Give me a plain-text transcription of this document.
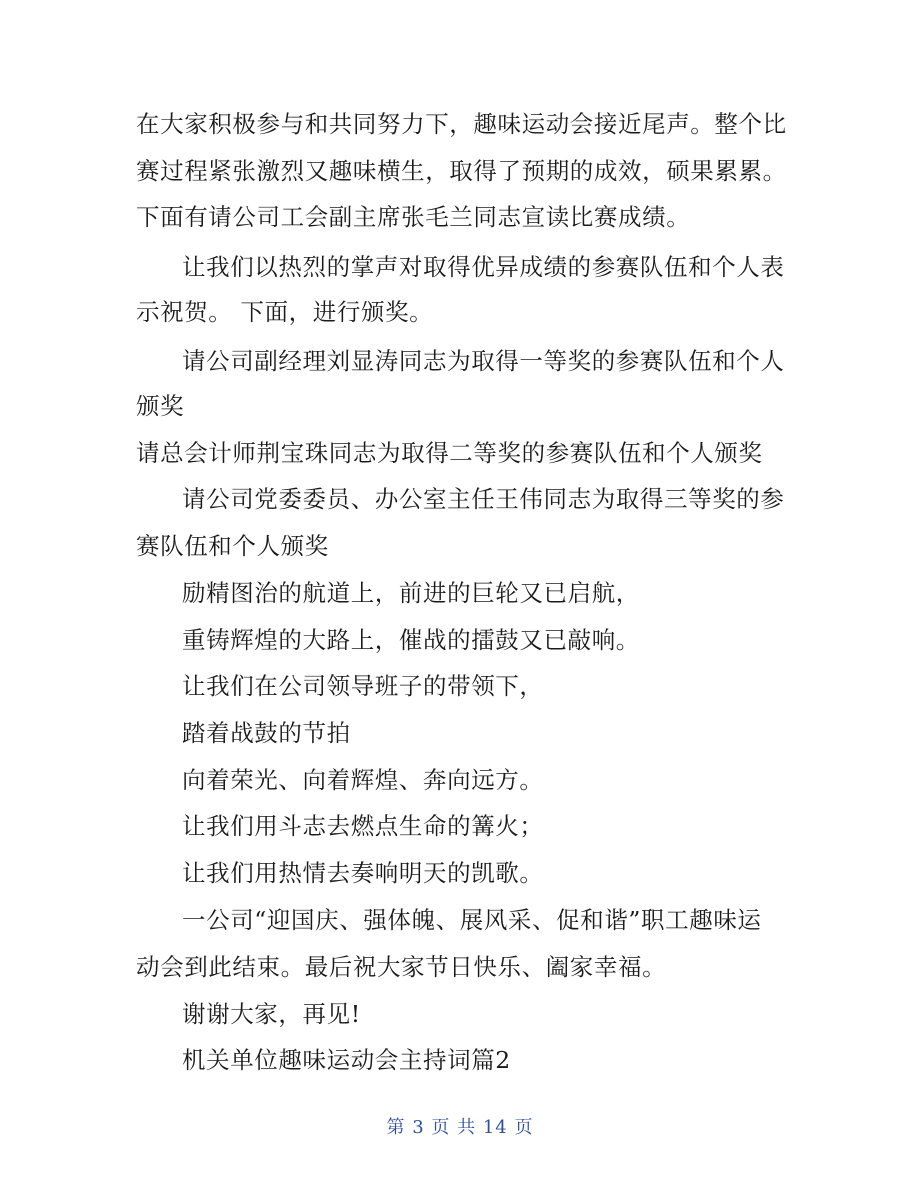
在大家积极参与和共同努力下，趣味运动会接近尾声。整个比
赛过程紧张激烈又趣味横生，取得了预期的成效，硕果累累。
下面有请公司工会副主席张毛兰同志宣读比赛成绩。
让我们以热烈的掌声对取得优异成绩的参赛队伍和个人表
示祝贺。 下面，进行颁奖。
请公司副经理刘显涛同志为取得一等奖的参赛队伍和个人
颁奖
请总会计师荆宝珠同志为取得二等奖的参赛队伍和个人颁奖
请公司党委委员、办公室主任王伟同志为取得三等奖的参
赛队伍和个人颁奖
励精图治的航道上，前进的巨轮又已启航，
重铸辉煌的大路上，催战的擂鼓又已敲响。
让我们在公司领导班子的带领下，
踏着战鼓的节拍
向着荣光、向着辉煌、奔向远方。
让我们用斗志去燃点生命的篝火；
让我们用热情去奏响明天的凯歌。
一公司“迎国庆、强体魄、展风采、促和谐”职工趣味运
动会到此结束。最后祝大家节日快乐、阖家幸福。
谢谢大家，再见!
机关单位趣味运动会主持词篇2
第 3 页 共 14 页
